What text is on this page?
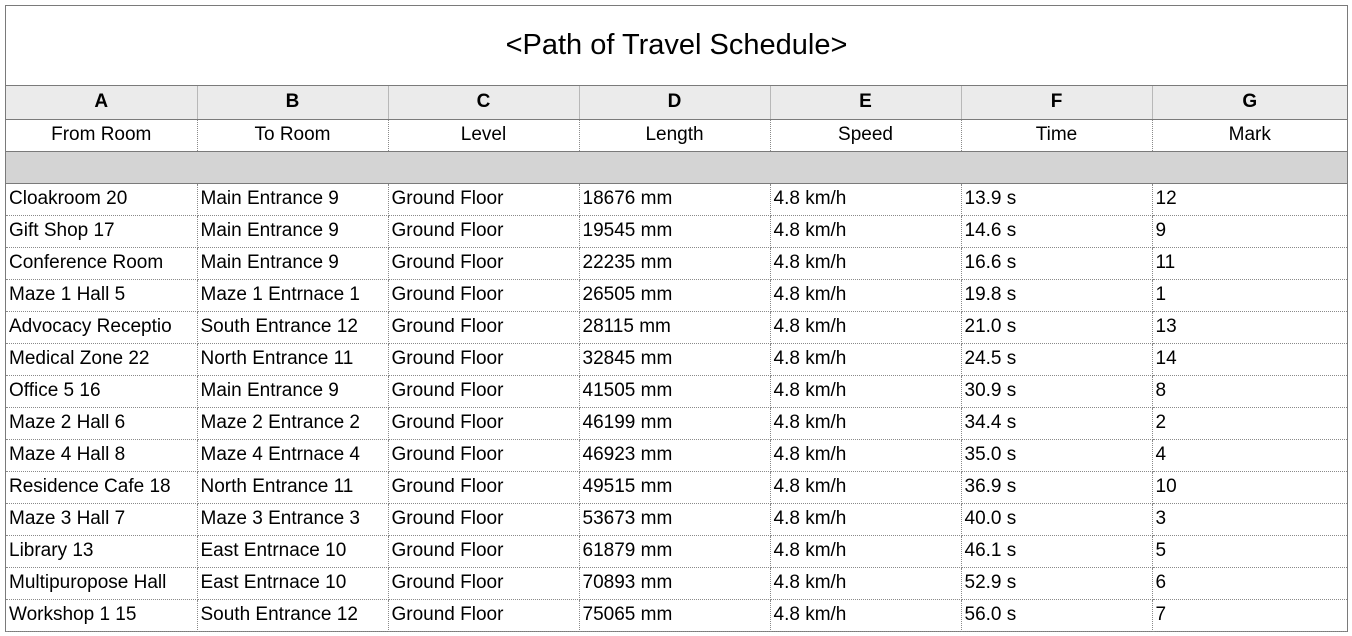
<Path of Travel Schedule>
A	B	C	D	E	F	G
From Room	To Room	Level	Length	Speed	Time	Mark

Cloakroom 20	Main Entrance 9	Ground Floor	18676 mm	4.8 km/h	13.9 s	12
Gift Shop 17	Main Entrance 9	Ground Floor	19545 mm	4.8 km/h	14.6 s	9
Conference Room	Main Entrance 9	Ground Floor	22235 mm	4.8 km/h	16.6 s	11
Maze 1 Hall 5	Maze 1 Entrnace 1	Ground Floor	26505 mm	4.8 km/h	19.8 s	1
Advocacy Receptio	South Entrance 12	Ground Floor	28115 mm	4.8 km/h	21.0 s	13
Medical Zone 22	North Entrance 11	Ground Floor	32845 mm	4.8 km/h	24.5 s	14
Office 5 16	Main Entrance 9	Ground Floor	41505 mm	4.8 km/h	30.9 s	8
Maze 2 Hall 6	Maze 2 Entrance 2	Ground Floor	46199 mm	4.8 km/h	34.4 s	2
Maze 4 Hall 8	Maze 4 Entrnace 4	Ground Floor	46923 mm	4.8 km/h	35.0 s	4
Residence Cafe 18	North Entrance 11	Ground Floor	49515 mm	4.8 km/h	36.9 s	10
Maze 3 Hall 7	Maze 3 Entrance 3	Ground Floor	53673 mm	4.8 km/h	40.0 s	3
Library 13	East Entrnace 10	Ground Floor	61879 mm	4.8 km/h	46.1 s	5
Multipuropose Hall	East Entrnace 10	Ground Floor	70893 mm	4.8 km/h	52.9 s	6
Workshop 1 15	South Entrance 12	Ground Floor	75065 mm	4.8 km/h	56.0 s	7
